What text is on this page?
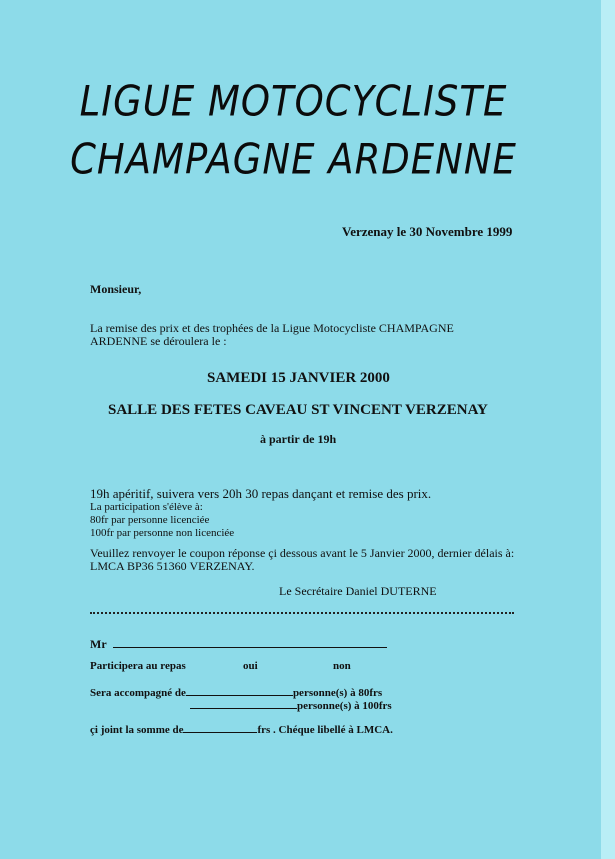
LIGUE MOTOCYCLISTE
CHAMPAGNE ARDENNE
Verzenay le 30 Novembre 1999
Monsieur,
La remise des prix et des trophées de la Ligue Motocycliste CHAMPAGNE
ARDENNE se déroulera le :
SAMEDI 15 JANVIER 2000
SALLE DES FETES CAVEAU ST VINCENT VERZENAY
à partir de 19h
19h apéritif, suivera vers 20h 30 repas dançant et remise des prix.
La participation s'élève à:
80fr par personne licenciée
100fr par personne non licenciée
Veuillez renvoyer le coupon réponse çi dessous avant le 5 Janvier 2000, dernier délais à:
LMCA BP36 51360 VERZENAY.
Le Secrétaire Daniel DUTERNE
Mr
Participera au repas	oui	non
Sera accompagné de	personne(s) à 80frs
personne(s) à 100frs
çi joint la somme de	frs . Chéque libellé à LMCA.
